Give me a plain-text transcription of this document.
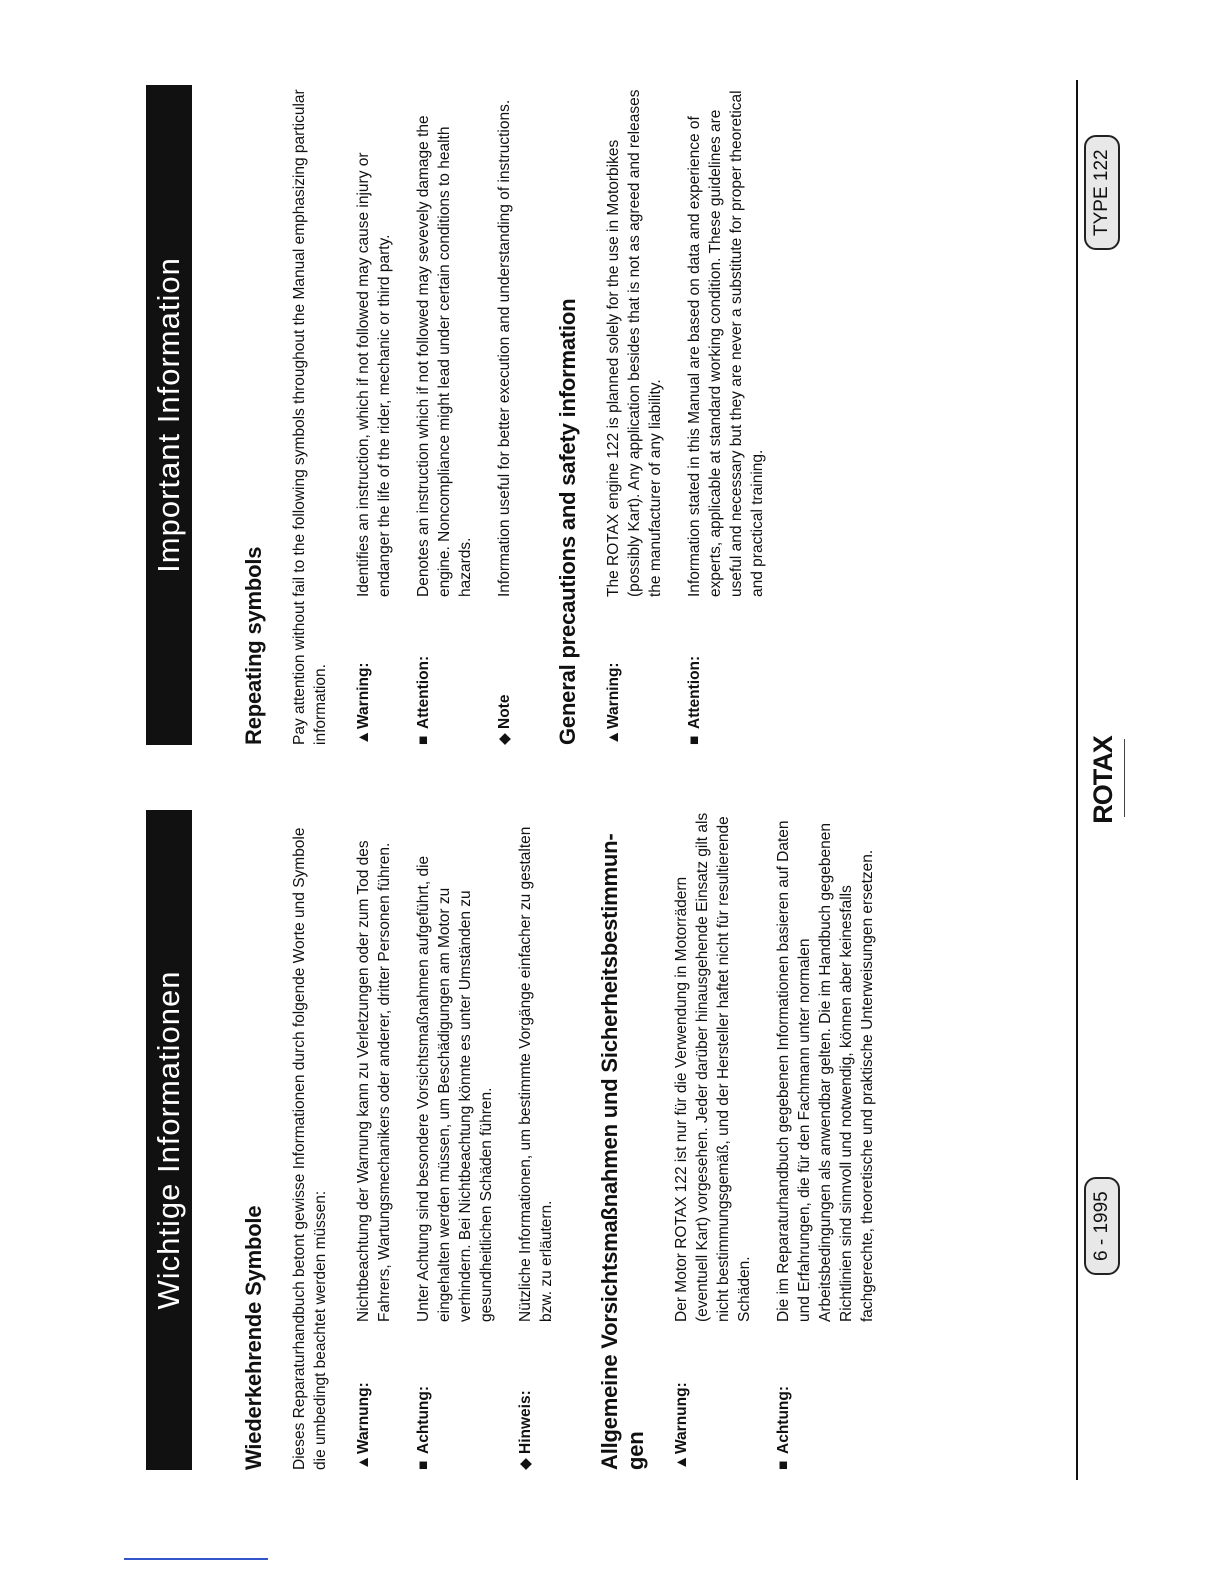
Wichtige Informationen
Wiederkehrende Symbole Dieses Reparaturhandbuch betont gewisse Informationen durch folgende Worte und Symbole die umbedingt beachtet werden müssen: ▲Warnung:
Nichtbeachtung der Warnung kann zu Verletzungen oder zum Tod des Fahrers, Wartungsmechanikers oder anderer, dritter Personen führen.
■Achtung:
Unter Achtung sind besondere Vorsichtsmaßnahmen aufgeführt, die eingehalten werden müssen, um Beschädigungen am Motor zu verhindern. Bei Nichtbeachtung könnte es unter Umständen zu gesundheitlichen Schäden führen.
◆Hinweis:
Nützliche Informationen, um bestimmte Vorgänge einfacher zu gestalten bzw. zu erläutern. Allgemeine Vorsichtsmaßnahmen und Sicherheitsbestimmun-gen ▲Warnung:
Der Motor ROTAX 122 ist nur für die Verwendung in Motorrädern (eventuell Kart) vorgesehen. Jeder darüber hinausgehende Einsatz gilt als nicht bestimmungsgemäß, und der Hersteller haftet nicht für resultierende Schäden.
■Achtung:
Die im Reparaturhandbuch gegebenen Informationen basieren auf Daten und Erfahrungen, die für den Fachmann unter normalen Arbeitsbedingungen als anwendbar gelten. Die im Handbuch gegebenen Richtlinien sind sinnvoll und notwendig, können aber keinesfalls fachgerechte, theoretische und praktische Unterweisungen ersetzen.
Important Information
Repeating symbols Pay attention without fail to the following symbols throughout the Manual emphasizing particular information. ▲Warning:
Identifies an instruction, which if not followed may cause injury or endanger the life of the rider, mechanic or third party.
■Attention:
Denotes an instruction which if not followed may sevevely damage the engine. Noncompliance might lead under certain conditions to health hazards.
◆Note
Information useful for better execution and understanding of instructions. General precautions and safety information ▲Warning:
The ROTAX engine 122 is planned solely for the use in Motorbikes (possibly Kart). Any application besides that is not as agreed and releases the manufacturer of any liability.
■Attention:
Information stated in this Manual are based on data and experience of experts, applicable at standard working condition. These guidelines are useful and necessary but they are never a substitute for proper theoretical and practical training.
6 - 1995
ROTAX
TYPE 122
